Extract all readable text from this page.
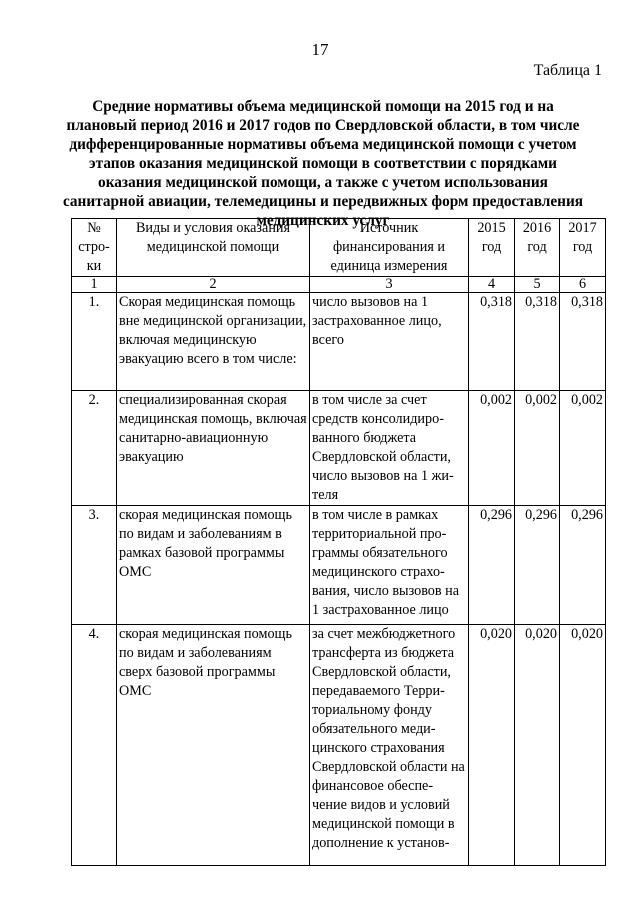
17
Таблица 1
Средние нормативы объема медицинской помощи на 2015 год и на плановый период 2016 и 2017 годов по Свердловской области, в том числе дифференцированные нормативы объема медицинской помощи с учетом этапов оказания медицинской помощи в соответствии с порядками оказания медицинской помощи, а также с учетом использования санитарной авиации, телемедицины и передвижных форм предоставления медицинских услуг
№ стро- ки	Виды и условия оказания медицинской помощи	Источник финансирования и единица измерения	2015 год	2016 год	2017 год
1	2	3	4	5	6
1.	Скорая медицинская помощь вне медицинской организации, включая медицинскую эвакуацию всего в том числе:	число вызовов на 1 застрахованное лицо, всего	0,318	0,318	0,318
2.	специализированная скорая медицинская помощь, включая санитарно-авиационную эвакуацию	в том числе за счет средств консолидиро-ванного бюджета Свердловской области, число вызовов на 1 жи-теля	0,002	0,002	0,002
3.	скорая медицинская помощь по видам и заболеваниям в рамках базовой программы ОМС	в том числе в рамках территориальной про-граммы обязательного медицинского страхо-вания, число вызовов на 1 застрахованное лицо	0,296	0,296	0,296
4.	скорая медицинская помощь по видам и заболеваниям сверх базовой программы ОМС	за счет межбюджетного трансферта из бюджета Свердловской области, передаваемого Терри-ториальному фонду обязательного меди-цинского страхования Свердловской области на финансовое обеспе-чение видов и условий медицинской помощи в дополнение к установ-	0,020	0,020	0,020
